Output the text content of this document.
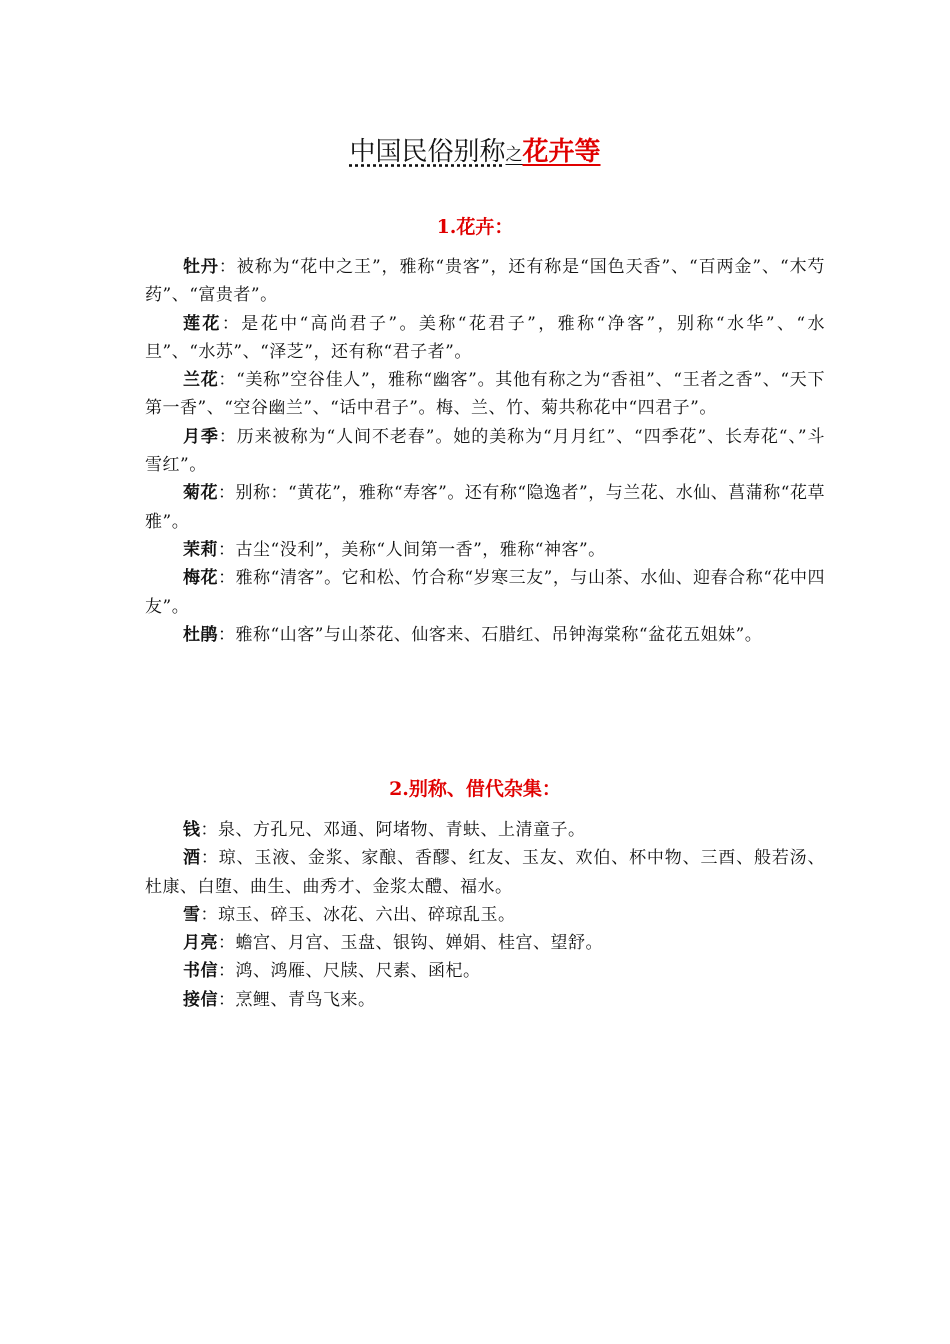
中国民俗别称之花卉等
1.花卉：

牡丹：被称为“花中之王”，雅称“贵客”，还有称是“国色天香”、“百两金”、“木芍药”、“富贵者”。

莲花：是花中“高尚君子”。美称“花君子”，雅称“净客”，别称“水华”、“水旦”、“水苏”、“泽芝”，还有称“君子者”。

兰花：“美称”空谷佳人”，雅称“幽客”。其他有称之为“香祖”、“王者之香”、“天下第一香”、“空谷幽兰”、“话中君子”。梅、兰、竹、菊共称花中“四君子”。

月季：历来被称为“人间不老春”。她的美称为“月月红”、“四季花”、长寿花“、”斗雪红”。

菊花：别称：“黄花”，雅称“寿客”。还有称“隐逸者”，与兰花、水仙、菖蒲称“花草雅”。

茉莉：古尘“没利”，美称“人间第一香”，雅称“神客”。

梅花：雅称“清客”。它和松、竹合称“岁寒三友”，与山茶、水仙、迎春合称“花中四友”。

杜鹃：雅称“山客”与山茶花、仙客来、石腊红、吊钟海棠称“盆花五姐妹”。

2.别称、借代杂集：

钱：泉、方孔兄、邓通、阿堵物、青蚨、上清童子。

酒：琼、玉液、金浆、家酿、香醪、红友、玉友、欢伯、杯中物、三酉、般若汤、杜康、白堕、曲生、曲秀才、金浆太醴、福水。

雪：琼玉、碎玉、冰花、六出、碎琼乱玉。

月亮：蟾宫、月宫、玉盘、银钩、婵娟、桂宫、望舒。

书信：鸿、鸿雁、尺牍、尺素、函杞。

接信：烹鲤、青鸟飞来。
